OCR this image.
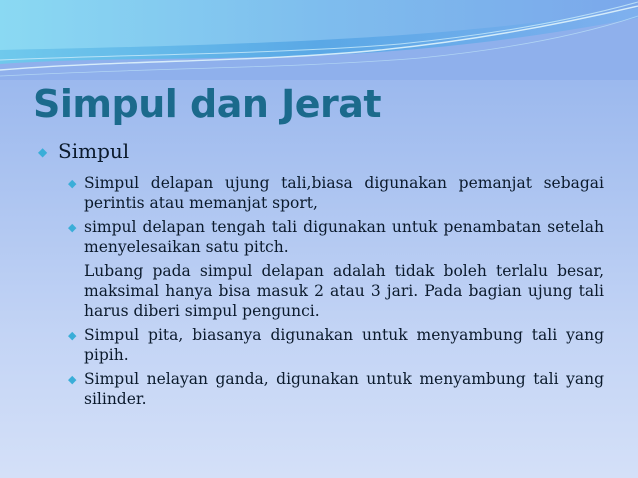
Simpul dan Jerat
◆ Simpul
◆ Simpul delapan ujung tali,biasa digunakan pemanjat sebagai perintis atau memanjat sport,
◆ simpul delapan tengah tali digunakan untuk penambatan setelah menyelesaikan satu pitch.
Lubang pada simpul delapan adalah tidak boleh terlalu besar, maksimal hanya bisa masuk 2 atau 3 jari. Pada bagian ujung tali harus diberi simpul pengunci.
◆ Simpul pita, biasanya digunakan untuk menyambung tali yang pipih.
◆ Simpul nelayan ganda, digunakan untuk menyambung tali yang silinder.
